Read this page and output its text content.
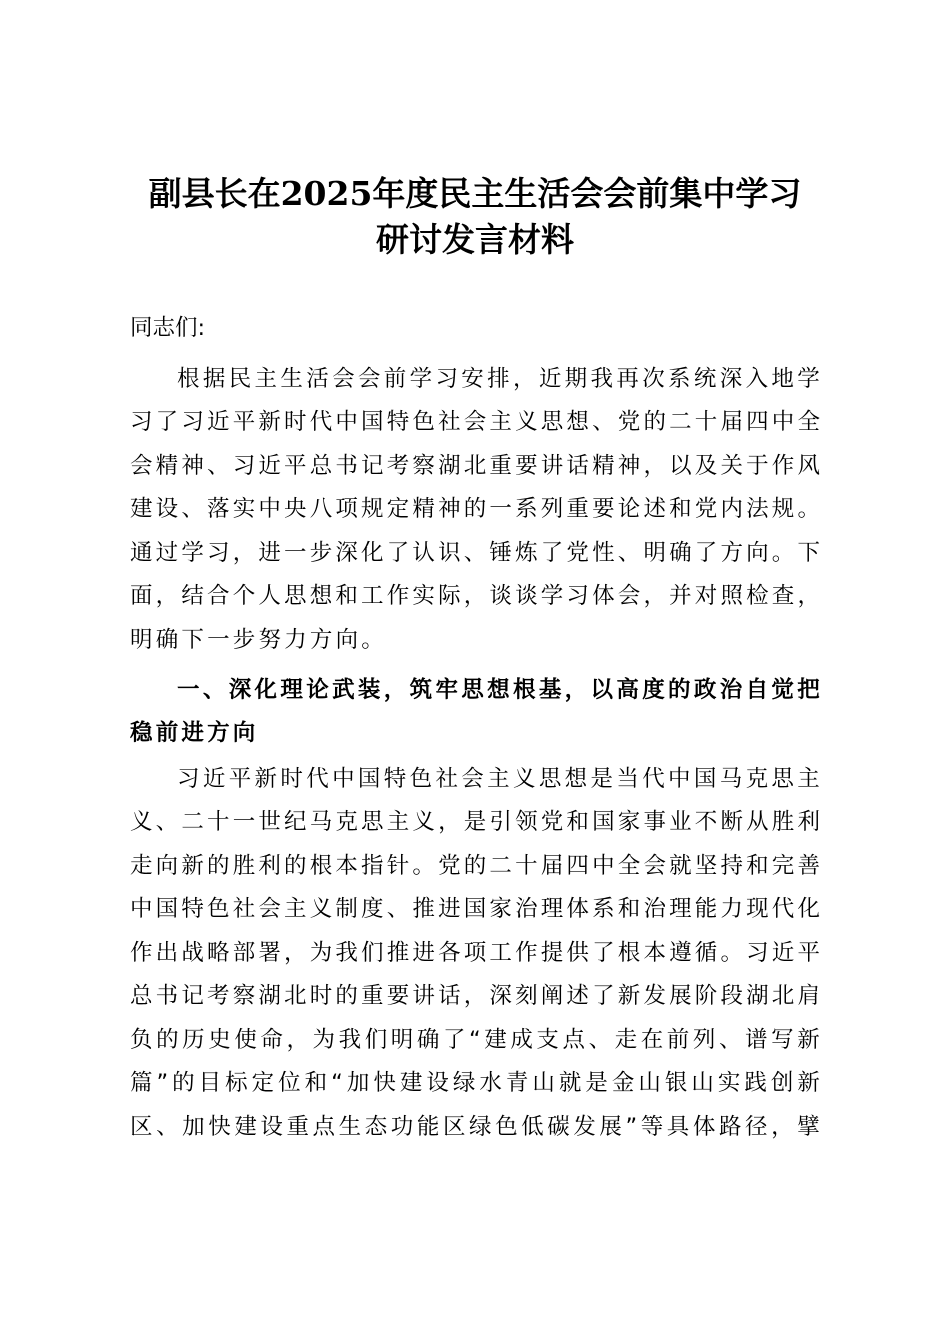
副县长在2025年度民主生活会会前集中学习
研讨发言材料
同志们:
根 据 民 主 生 活 会 会 前 学 习 安 排 ， 近 期 我 再 次 系 统 深 入 地 学
习 了 习 近 平 新 时 代 中 国 特 色 社 会 主 义 思 想 、 党 的 二 十 届 四 中 全
会 精 神 、 习 近 平 总 书 记 考 察 湖 北 重 要 讲 话 精 神 ， 以 及 关 于 作 风
建 设 、 落 实 中 央 八 项 规 定 精 神 的 一 系 列 重 要 论 述 和 党 内 法 规 。
通 过 学 习 ， 进 一 步 深 化 了 认 识 、 锤 炼 了 党 性 、 明 确 了 方 向 。 下
面 ， 结 合 个 人 思 想 和 工 作 实 际 ， 谈 谈 学 习 体 会 ， 并 对 照 检 查 ，
明确下一步努力方向。
一 、 深 化 理 论 武 装 ， 筑 牢 思 想 根 基 ， 以 高 度 的 政 治 自 觉 把
稳前进方向
习 近 平 新 时 代 中 国 特 色 社 会 主 义 思 想 是 当 代 中 国 马 克 思 主
义 、 二 十 一 世 纪 马 克 思 主 义 ， 是 引 领 党 和 国 家 事 业 不 断 从 胜 利
走 向 新 的 胜 利 的 根 本 指 针 。 党 的 二 十 届 四 中 全 会 就 坚 持 和 完 善
中 国 特 色 社 会 主 义 制 度 、 推 进 国 家 治 理 体 系 和 治 理 能 力 现 代 化
作 出 战 略 部 署 ， 为 我 们 推 进 各 项 工 作 提 供 了 根 本 遵 循 。 习 近 平
总 书 记 考 察 湖 北 时 的 重 要 讲 话 ， 深 刻 阐 述 了 新 发 展 阶 段 湖 北 肩
负 的 历 史 使 命 ， 为 我 们 明 确 了 “ 建 成 支 点 、 走 在 前 列 、 谱 写 新
篇 ” 的 目 标 定 位 和 “ 加 快 建 设 绿 水 青 山 就 是 金 山 银 山 实 践 创 新
区 、 加 快 建 设 重 点 生 态 功 能 区 绿 色 低 碳 发 展 ” 等 具 体 路 径 ， 擘
